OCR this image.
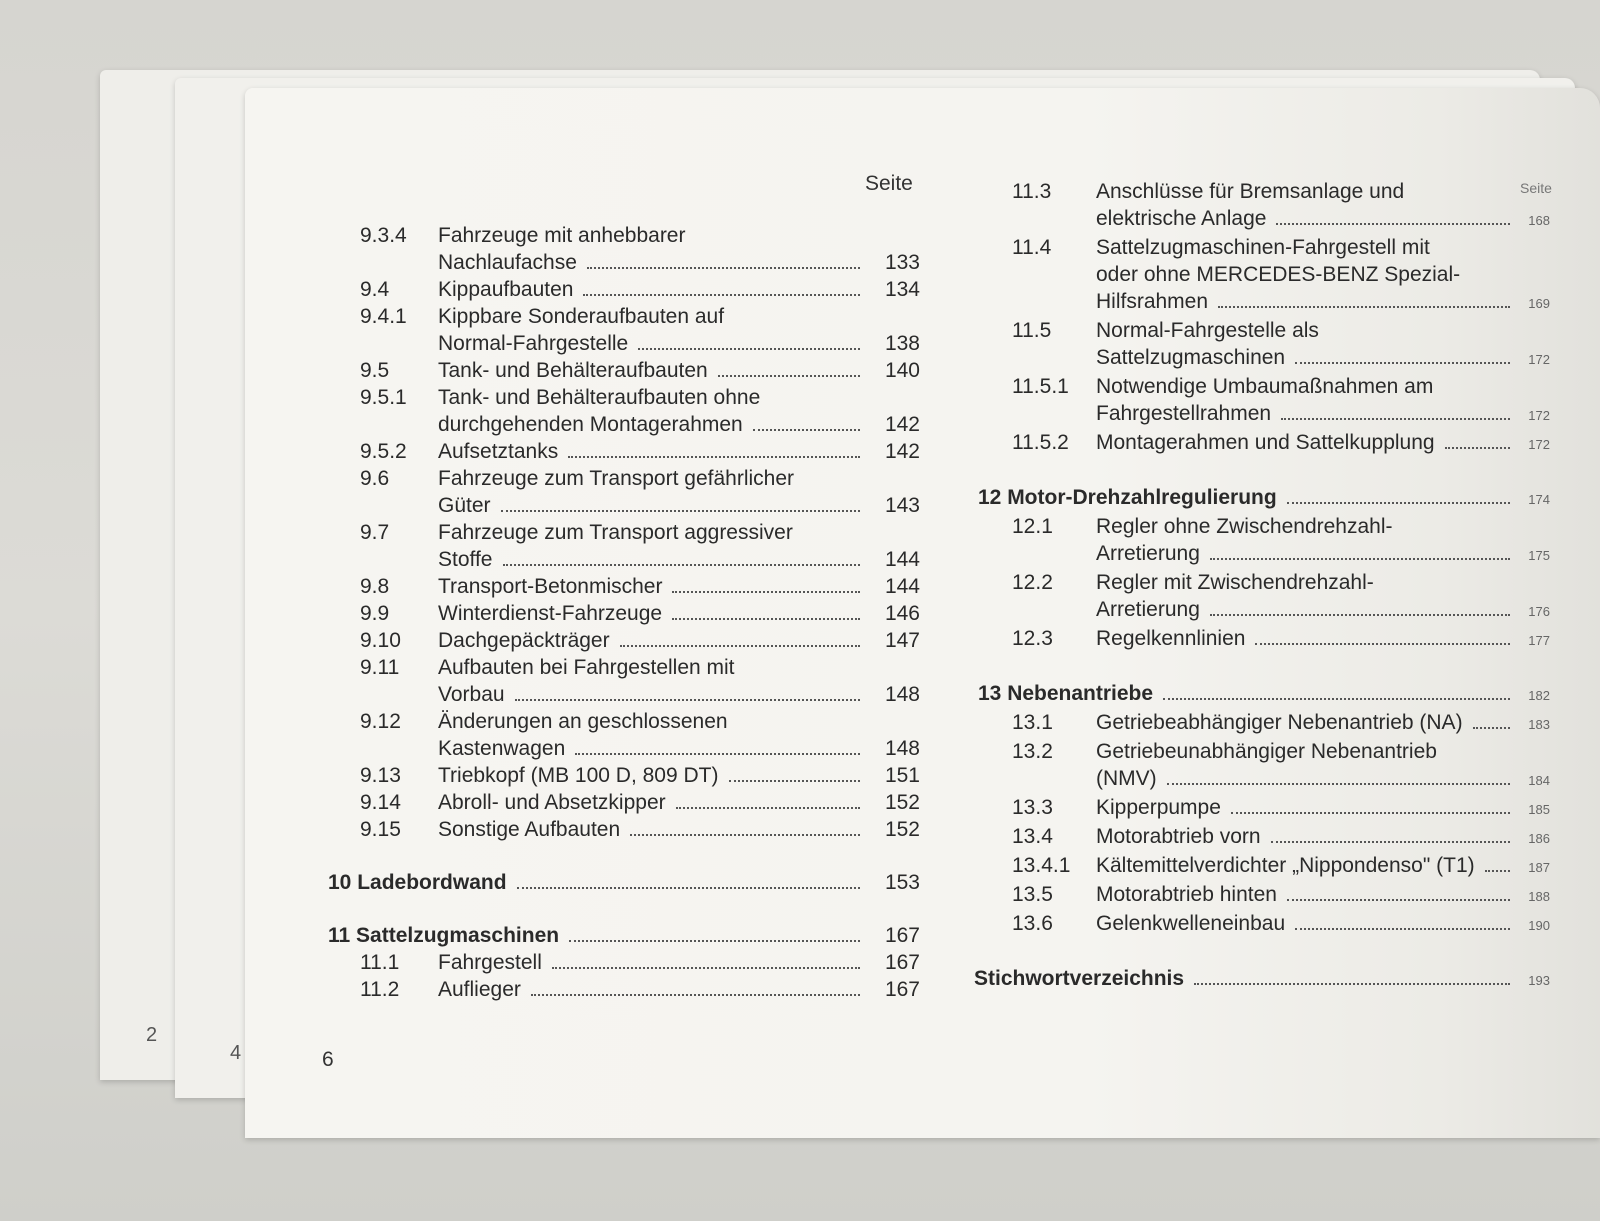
2
4
Seite	Seite
6
9.3.4 Fahrzeuge mit anhebbarer
Nachlaufachse	133
9.4 Kippaufbauten	134
9.4.1 Kippbare Sonderaufbauten auf
Normal-Fahrgestelle	138
9.5 Tank- und Behälteraufbauten	140
9.5.1 Tank- und Behälteraufbauten ohne
durchgehenden Montagerahmen	142
9.5.2 Aufsetztanks	142
9.6 Fahrzeuge zum Transport gefährlicher
Güter	143
9.7 Fahrzeuge zum Transport aggressiver
Stoffe	144
9.8 Transport-Betonmischer	144
9.9 Winterdienst-Fahrzeuge	146
9.10 Dachgepäckträger	147
9.11 Aufbauten bei Fahrgestellen mit
Vorbau	148
9.12 Änderungen an geschlossenen
Kastenwagen	148
9.13 Triebkopf (MB 100 D, 809 DT)	151
9.14 Abroll- und Absetzkipper	152
9.15 Sonstige Aufbauten	152
10 Ladebordwand	153
11 Sattelzugmaschinen	167
11.1 Fahrgestell	167
11.2 Auflieger	167
11.3 Anschlüsse für Bremsanlage und
elektrische Anlage	168
11.4 Sattelzugmaschinen-Fahrgestell mit
oder ohne MERCEDES-BENZ Spezial-
Hilfsrahmen	169
11.5 Normal-Fahrgestelle als
Sattelzugmaschinen	172
11.5.1 Notwendige Umbaumaßnahmen am
Fahrgestellrahmen	172
11.5.2 Montagerahmen und Sattelkupplung	172
12 Motor-Drehzahlregulierung	174
12.1 Regler ohne Zwischendrehzahl-
Arretierung	175
12.2 Regler mit Zwischendrehzahl-
Arretierung	176
12.3 Regelkennlinien	177
13 Nebenantriebe	182
13.1 Getriebeabhängiger Nebenantrieb (NA)	183
13.2 Getriebeunabhängiger Nebenantrieb
(NMV)	184
13.3 Kipperpumpe	185
13.4 Motorabtrieb vorn	186
13.4.1 Kältemittelverdichter „Nippondenso" (T1)	187
13.5 Motorabtrieb hinten	188
13.6 Gelenkwelleneinbau	190
Stichwortverzeichnis	193
